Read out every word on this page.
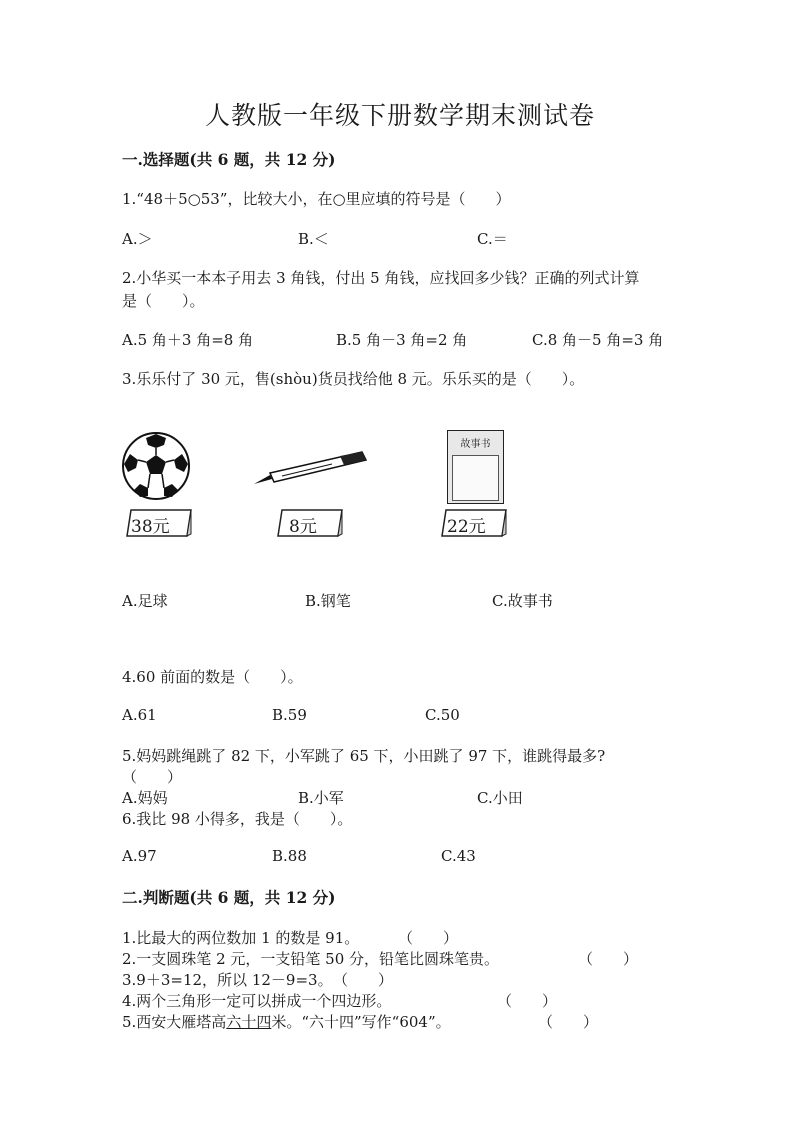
人教版一年级下册数学期末测试卷
一.选择题(共 6 题，共 12 分)
1.“48＋5○53”，比较大小，在○里应填的符号是（　　）
A.＞	B.＜	C.＝
2.小华买一本本子用去 3 角钱，付出 5 角钱，应找回多少钱？正确的列式计算
是（　　）。
A.5 角＋3 角=8 角	B.5 角－3 角=2 角	C.8 角－5 角=3 角
3.乐乐付了 30 元，售(shòu)货员找给他 8 元。乐乐买的是（　　）。
故事书
38元	8元	22元
A.足球	B.钢笔	C.故事书
4.60 前面的数是（　　）。
A.61	B.59	C.50
5.妈妈跳绳跳了 82 下，小军跳了 65 下，小田跳了 97 下，谁跳得最多?
（　　）
A.妈妈	B.小军	C.小田
6.我比 98 小得多，我是（　　）。
A.97	B.88	C.43
二.判断题(共 6 题，共 12 分)
1.比最大的两位数加 1 的数是 91。	（　　）
2.一支圆珠笔 2 元，一支铅笔 50 分，铅笔比圆珠笔贵。	（　　）
3.9＋3=12，所以 12－9=3。 （　　）
4.两个三角形一定可以拼成一个四边形。	（　　）
5.西安大雁塔高六十四米。“六十四”写作“604”。	（　　）
